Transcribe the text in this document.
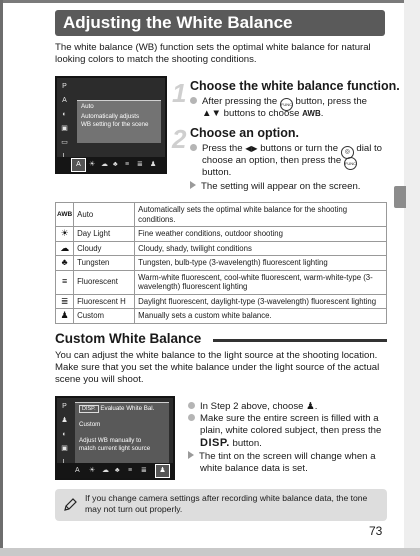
Adjusting the White Balance
The white balance (WB) function sets the optimal white balance for natural looking colors to match the shooting conditions.
P
A
◐
▣
▭
Auto
Automatically adjusts
WB setting for the scene
A	☀ ☁ ♣ ≡ ≣ ♟
1 Choose the white balance function.
After pressing the FUNC button, press the
▲▼ buttons to choose AWB.
2 Choose an option.
Press the ◀▶ buttons or turn the ◎ dial to
choose an option, then press the FUNC
button.
The setting will appear on the screen.
AWB	Auto	Automatically sets the optimal white balance for the shooting conditions.
☀	Day Light	Fine weather conditions, outdoor shooting
☁	Cloudy	Cloudy, shady, twilight conditions
♣	Tungsten	Tungsten, bulb-type (3-wavelength) fluorescent lighting
≡	Fluorescent	Warm-white fluorescent, cool-white fluorescent, warm-white-type (3-wavelength) fluorescent lighting
≣	Fluorescent H	Daylight fluorescent, daylight-type (3-wavelength) fluorescent lighting
♟	Custom	Manually sets a custom white balance.
Custom White Balance
You can adjust the white balance to the light source at the shooting location. Make sure that you set the white balance under the light source of the actual scene you will shoot.
P
♟
◐
▣
DISP. Evaluate White Bal.
Custom
Adjust WB manually to
match current light source
A ☀ ☁ ♣ ≡ ≣	♟
In Step 2 above, choose ♟.
Make sure the entire screen is filled with a
plain, white colored subject, then press the
DISP. button.
The tint on the screen will change when a
white balance data is set.
If you change camera settings after recording white balance data, the tone may not turn out properly.
73
